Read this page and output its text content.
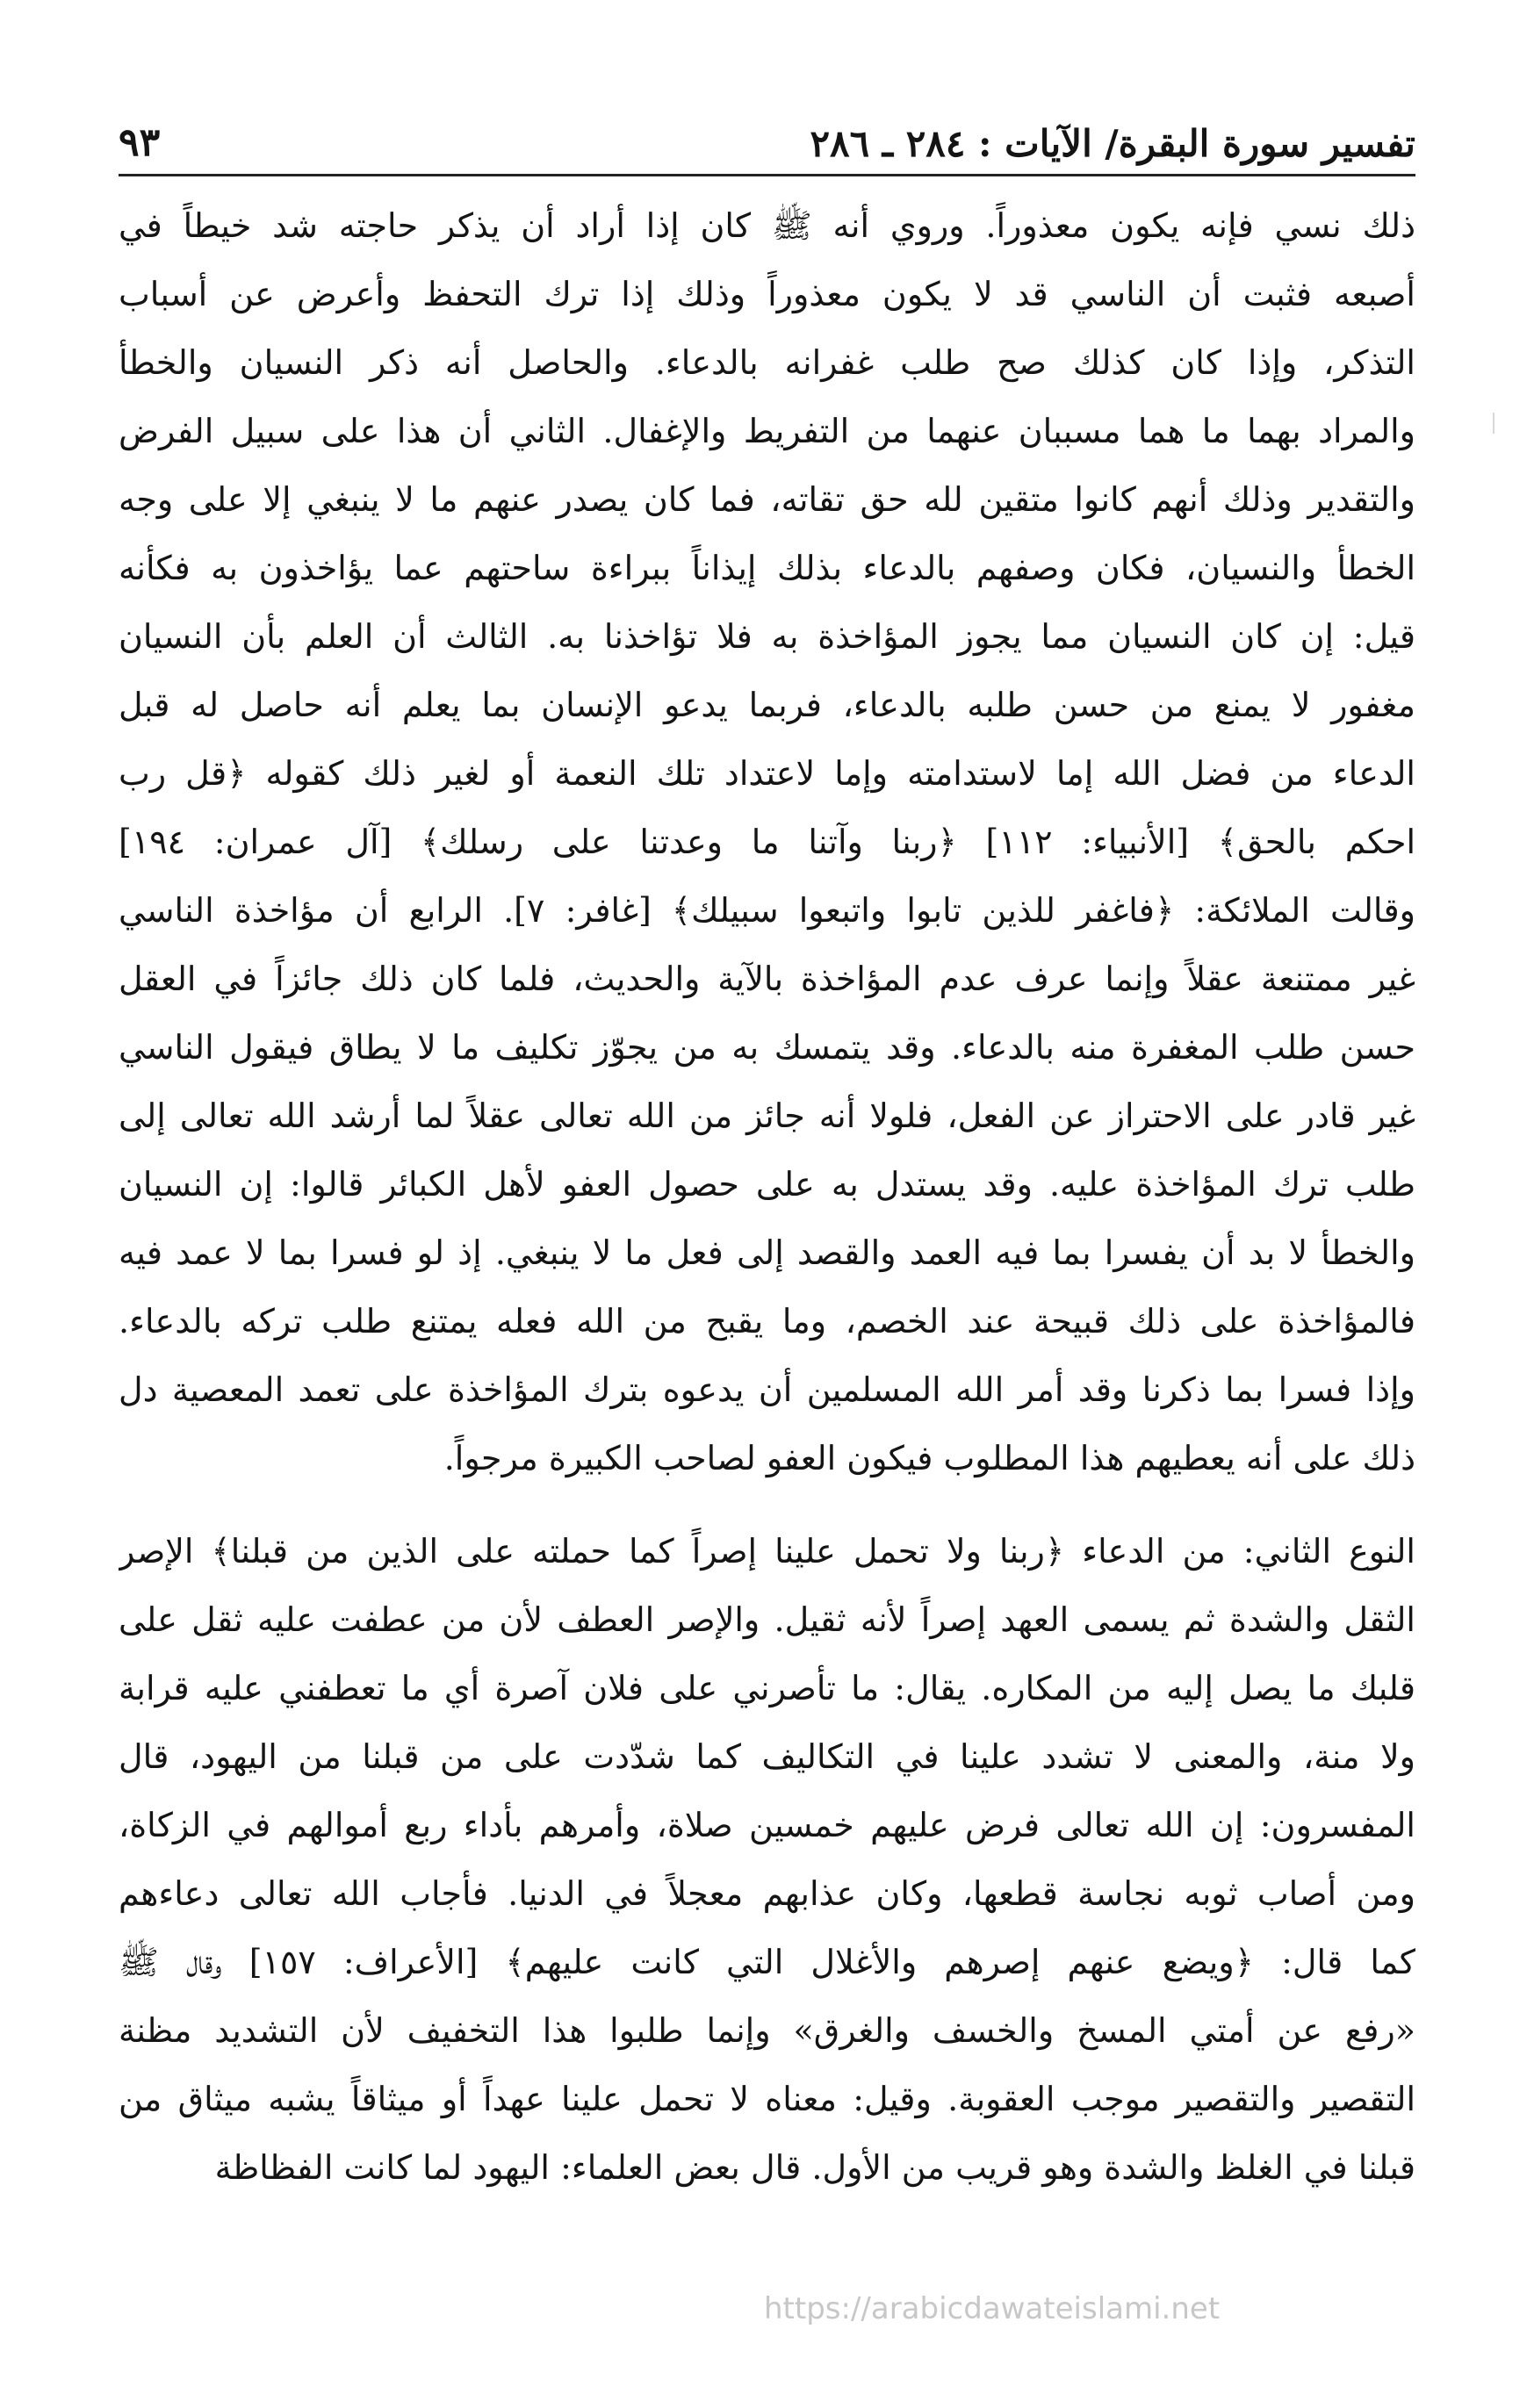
تفسير سورة البقرة/ الآيات : ٢٨٤ ـ ٢٨٦
٩٣
ذلك نسي فإنه يكون معذوراً. وروي أنه ﷺ كان إذا أراد أن يذكر حاجته شد خيطاً في
أصبعه فثبت أن الناسي قد لا يكون معذوراً وذلك إذا ترك التحفظ وأعرض عن أسباب
التذكر، وإذا كان كذلك صح طلب غفرانه بالدعاء. والحاصل أنه ذكر النسيان والخطأ
والمراد بهما ما هما مسببان عنهما من التفريط والإغفال. الثاني أن هذا على سبيل الفرض
والتقدير وذلك أنهم كانوا متقين لله حق تقاته، فما كان يصدر عنهم ما لا ينبغي إلا على وجه
الخطأ والنسيان، فكان وصفهم بالدعاء بذلك إيذاناً ببراءة ساحتهم عما يؤاخذون به فكأنه
قيل: إن كان النسيان مما يجوز المؤاخذة به فلا تؤاخذنا به. الثالث أن العلم بأن النسيان
مغفور لا يمنع من حسن طلبه بالدعاء، فربما يدعو الإنسان بما يعلم أنه حاصل له قبل
الدعاء من فضل الله إما لاستدامته وإما لاعتداد تلك النعمة أو لغير ذلك كقوله ﴿قل رب
احكم بالحق﴾ [الأنبياء: ١١٢] ﴿ربنا وآتنا ما وعدتنا على رسلك﴾ [آل عمران: ١٩٤]
وقالت الملائكة: ﴿فاغفر للذين تابوا واتبعوا سبيلك﴾ [غافر: ٧]. الرابع أن مؤاخذة الناسي
غير ممتنعة عقلاً وإنما عرف عدم المؤاخذة بالآية والحديث، فلما كان ذلك جائزاً في العقل
حسن طلب المغفرة منه بالدعاء. وقد يتمسك به من يجوّز تكليف ما لا يطاق فيقول الناسي
غير قادر على الاحتراز عن الفعل، فلولا أنه جائز من الله تعالى عقلاً لما أرشد الله تعالى إلى
طلب ترك المؤاخذة عليه. وقد يستدل به على حصول العفو لأهل الكبائر قالوا: إن النسيان
والخطأ لا بد أن يفسرا بما فيه العمد والقصد إلى فعل ما لا ينبغي. إذ لو فسرا بما لا عمد فيه
فالمؤاخذة على ذلك قبيحة عند الخصم، وما يقبح من الله فعله يمتنع طلب تركه بالدعاء.
وإذا فسرا بما ذكرنا وقد أمر الله المسلمين أن يدعوه بترك المؤاخذة على تعمد المعصية دل
ذلك على أنه يعطيهم هذا المطلوب فيكون العفو لصاحب الكبيرة مرجواً.
النوع الثاني: من الدعاء ﴿ربنا ولا تحمل علينا إصراً كما حملته على الذين من قبلنا﴾ الإصر
الثقل والشدة ثم يسمى العهد إصراً لأنه ثقيل. والإصر العطف لأن من عطفت عليه ثقل على
قلبك ما يصل إليه من المكاره. يقال: ما تأصرني على فلان آصرة أي ما تعطفني عليه قرابة
ولا منة، والمعنى لا تشدد علينا في التكاليف كما شدّدت على من قبلنا من اليهود، قال
المفسرون: إن الله تعالى فرض عليهم خمسين صلاة، وأمرهم بأداء ربع أموالهم في الزكاة،
ومن أصاب ثوبه نجاسة قطعها، وكان عذابهم معجلاً في الدنيا. فأجاب الله تعالى دعاءهم
كما قال: ﴿ويضع عنهم إصرهم والأغلال التي كانت عليهم﴾ [الأعراف: ١٥٧] وقال ﷺ
«رفع عن أمتي المسخ والخسف والغرق» وإنما طلبوا هذا التخفيف لأن التشديد مظنة
التقصير والتقصير موجب العقوبة. وقيل: معناه لا تحمل علينا عهداً أو ميثاقاً يشبه ميثاق من
قبلنا في الغلظ والشدة وهو قريب من الأول. قال بعض العلماء: اليهود لما كانت الفظاظة
https://arabicdawateislami.net
